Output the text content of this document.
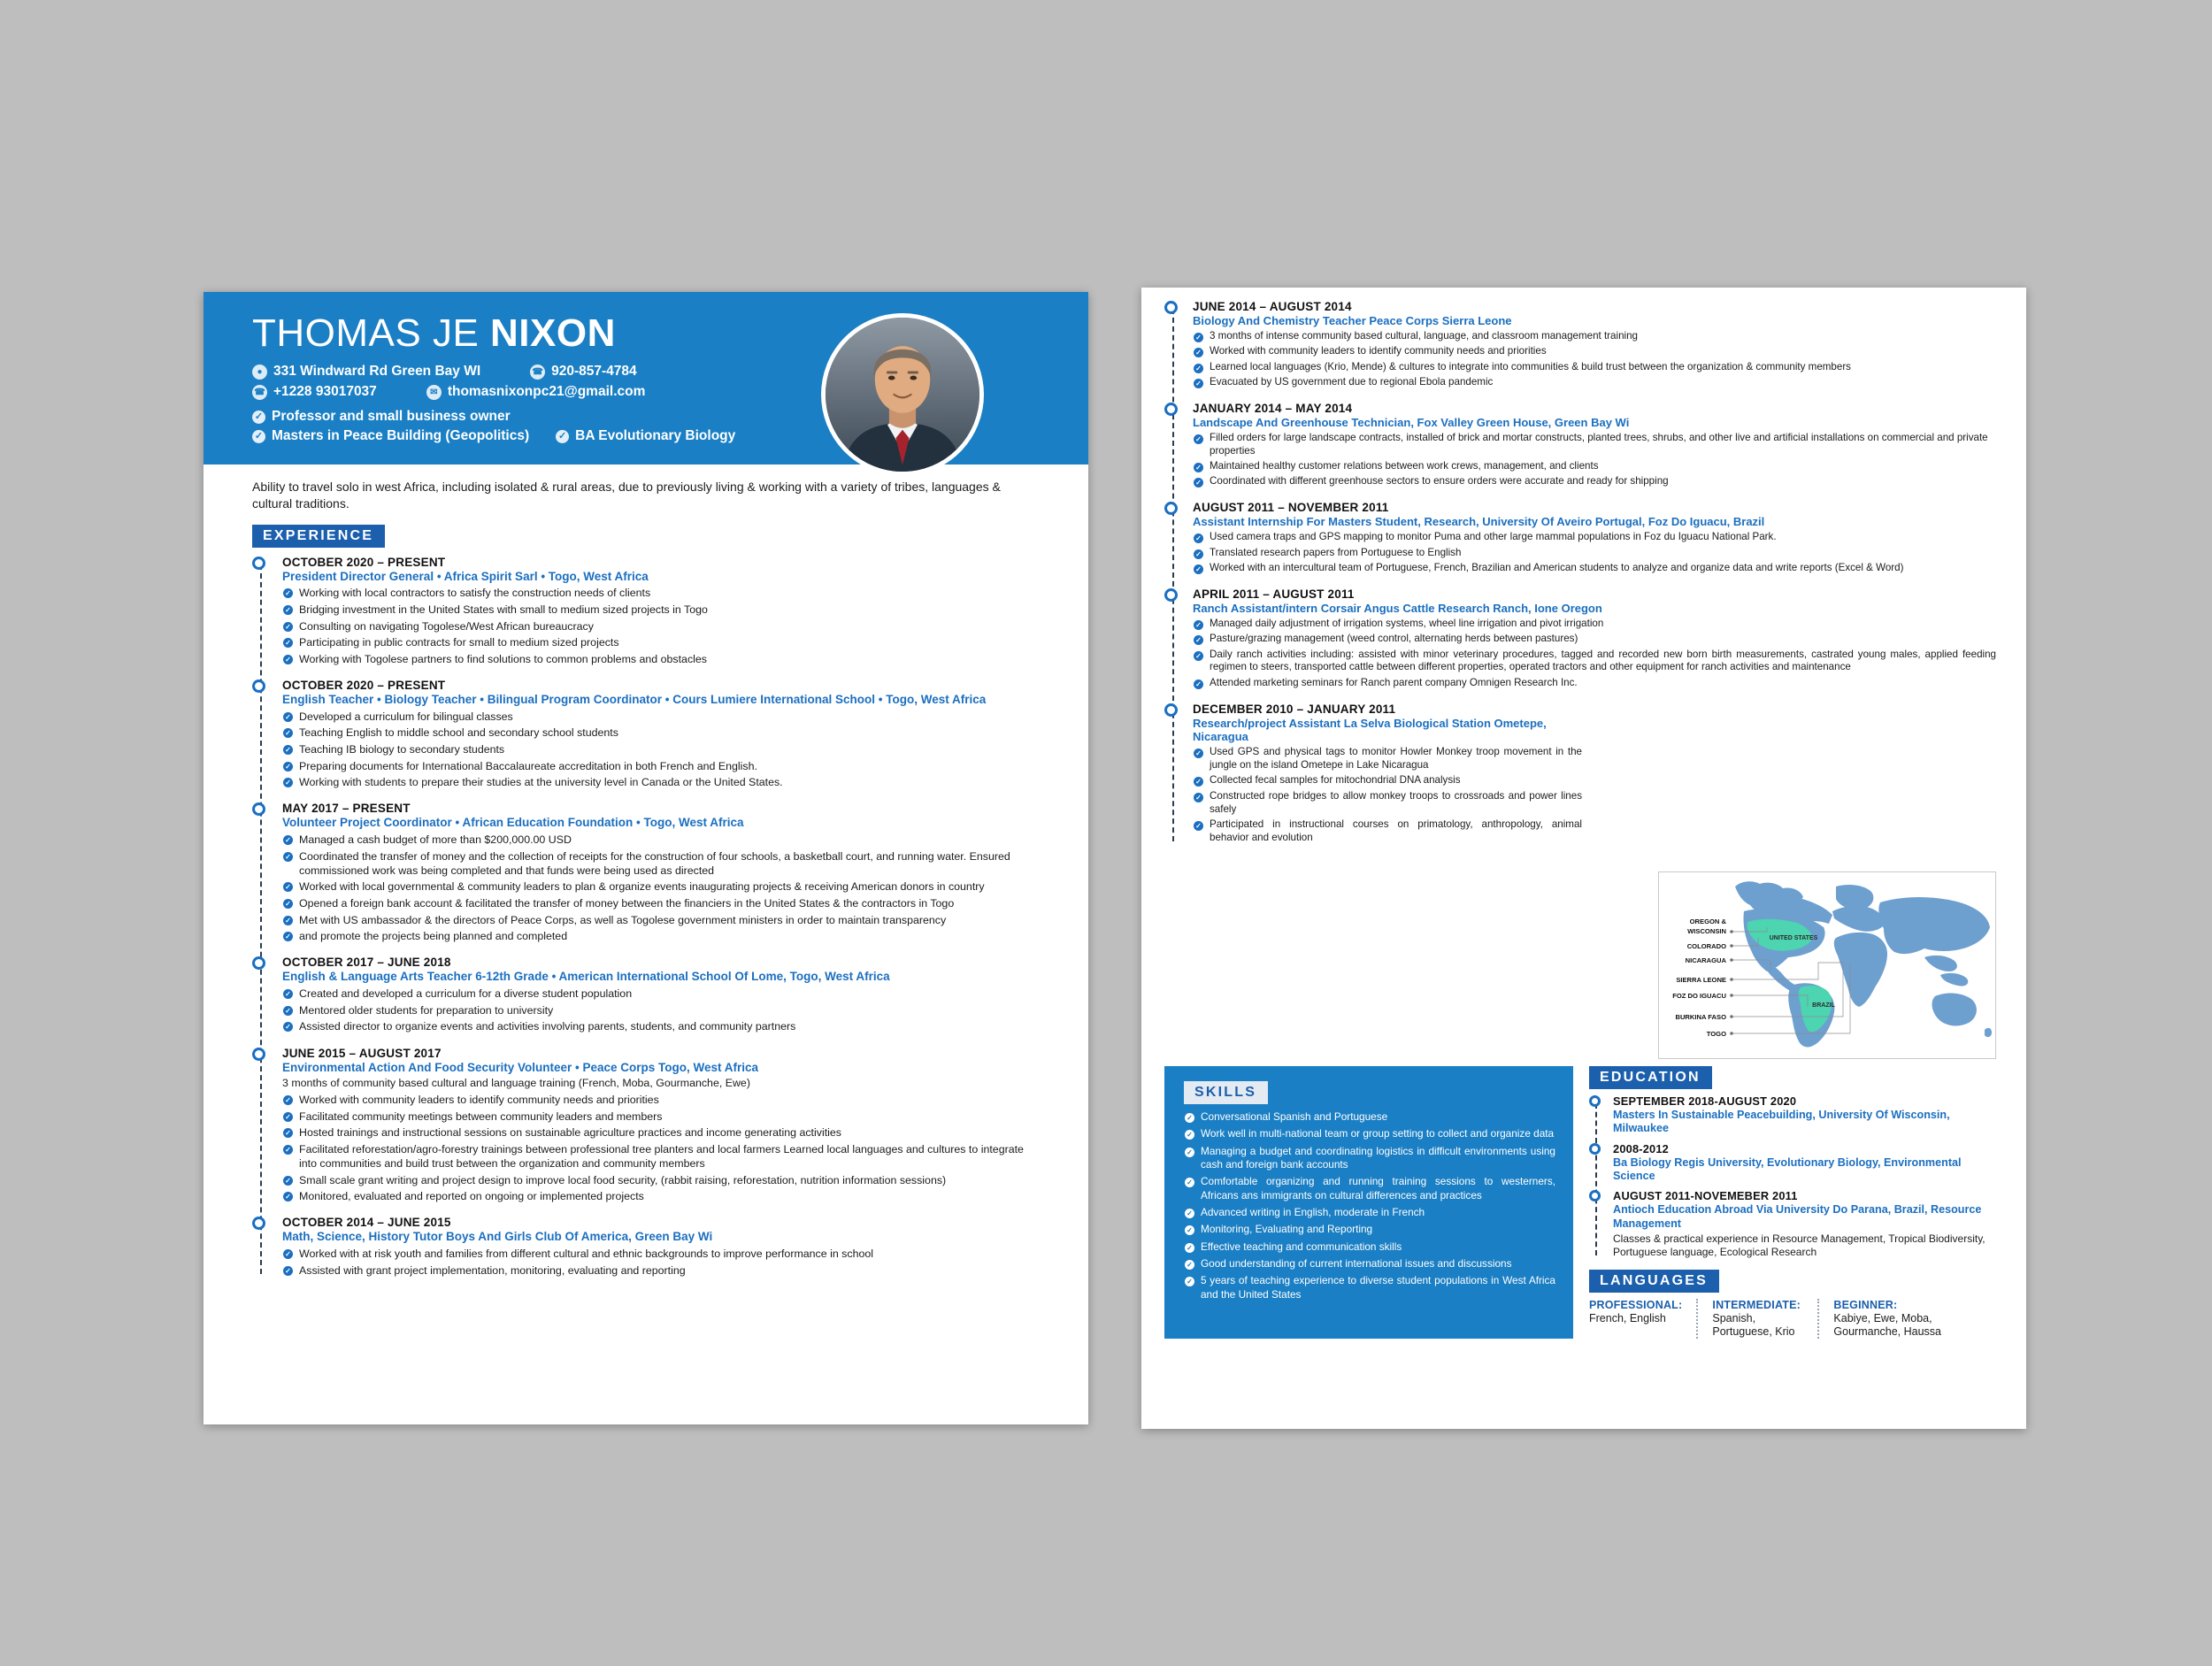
THOMAS JE NIXON
● 331 Windward Rd Green Bay WI	☎ 920-857-4784
☎ +1228 93017037	✉ thomasnixonpc21@gmail.com
✓ Professor and small business owner
✓ Masters in Peace Building (Geopolitics)	✓ BA Evolutionary Biology
Ability to travel solo in west Africa, including isolated & rural areas, due to previously living & working with a variety of tribes, languages & cultural traditions.
EXPERIENCE
OCTOBER 2020 – PRESENT
President Director General • Africa Spirit Sarl • Togo, West Africa
✓ Working with local contractors to satisfy the construction needs of clients
✓ Bridging investment in the United States with small to medium sized projects in Togo
✓ Consulting on navigating Togolese/West African bureaucracy
✓ Participating in public contracts for small to medium sized projects
✓ Working with Togolese partners to find solutions to common problems and obstacles
OCTOBER 2020 – PRESENT
English Teacher • Biology Teacher • Bilingual Program Coordinator • Cours Lumiere International School • Togo, West Africa
✓ Developed a curriculum for bilingual classes
✓ Teaching English to middle school and secondary school students
✓ Teaching IB biology to secondary students
✓ Preparing documents for International Baccalaureate accreditation in both French and English.
✓ Working with students to prepare their studies at the university level in Canada or the United States.
MAY 2017 – PRESENT
Volunteer Project Coordinator • African Education Foundation • Togo, West Africa
✓ Managed a cash budget of more than $200,000.00 USD
✓ Coordinated the transfer of money and the collection of receipts for the construction of four schools, a basketball court, and running water. Ensured commissioned work was being completed and that funds were being used as directed
✓ Worked with local governmental & community leaders to plan & organize events inaugurating projects & receiving American donors in country
✓ Opened a foreign bank account & facilitated the transfer of money between the financiers in the United States & the contractors in Togo
✓ Met with US ambassador & the directors of Peace Corps, as well as Togolese government ministers in order to maintain transparency
✓ and promote the projects being planned and completed
OCTOBER 2017 – JUNE 2018
English & Language Arts Teacher 6-12th Grade • American International School Of Lome, Togo, West Africa
✓ Created and developed a curriculum for a diverse student population
✓ Mentored older students for preparation to university
✓ Assisted director to organize events and activities involving parents, students, and community partners
JUNE 2015 – AUGUST 2017
Environmental Action And Food Security Volunteer • Peace Corps Togo, West Africa
3 months of community based cultural and language training (French, Moba, Gourmanche, Ewe)
✓ Worked with community leaders to identify community needs and priorities
✓ Facilitated community meetings between community leaders and members
✓ Hosted trainings and instructional sessions on sustainable agriculture practices and income generating activities
✓ Facilitated reforestation/agro-forestry trainings between professional tree planters and local farmers Learned local languages and cultures to integrate into communities and build trust between the organization and community members
✓ Small scale grant writing and project design to improve local food security, (rabbit raising, reforestation, nutrition information sessions)
✓ Monitored, evaluated and reported on ongoing or implemented projects
OCTOBER 2014 – JUNE 2015
Math, Science, History Tutor Boys And Girls Club Of America, Green Bay Wi
✓ Worked with at risk youth and families from different cultural and ethnic backgrounds to improve performance in school
✓ Assisted with grant project implementation, monitoring, evaluating and reporting
JUNE 2014 – AUGUST 2014
Biology And Chemistry Teacher Peace Corps Sierra Leone
✓ 3 months of intense community based cultural, language, and classroom management training
✓ Worked with community leaders to identify community needs and priorities
✓ Learned local languages (Krio, Mende) & cultures to integrate into communities & build trust between the organization & community members
✓ Evacuated by US government due to regional Ebola pandemic
JANUARY 2014 – MAY 2014
Landscape And Greenhouse Technician, Fox Valley Green House, Green Bay Wi
✓ Filled orders for large landscape contracts, installed of brick and mortar constructs, planted trees, shrubs, and other live and artificial installations on commercial and private properties
✓ Maintained healthy customer relations between work crews, management, and clients
✓ Coordinated with different greenhouse sectors to ensure orders were accurate and ready for shipping
AUGUST 2011 – NOVEMBER 2011
Assistant Internship For Masters Student, Research, University Of Aveiro Portugal, Foz Do Iguacu, Brazil
✓ Used camera traps and GPS mapping to monitor Puma and other large mammal populations in Foz du Iguacu National Park.
✓ Translated research papers from Portuguese to English
✓ Worked with an intercultural team of Portuguese, French, Brazilian and American students to analyze and organize data and write reports (Excel & Word)
APRIL 2011 – AUGUST 2011
Ranch Assistant/intern Corsair Angus Cattle Research Ranch, Ione Oregon
✓ Managed daily adjustment of irrigation systems, wheel line irrigation and pivot irrigation
✓ Pasture/grazing management (weed control, alternating herds between pastures)
✓ Daily ranch activities including: assisted with minor veterinary procedures, tagged and recorded new born birth measurements, castrated young males, applied feeding regimen to steers, transported cattle between different properties, operated tractors and other equipment for ranch activities and maintenance
✓ Attended marketing seminars for Ranch parent company Omnigen Research Inc.
DECEMBER 2010 – JANUARY 2011
Research/project Assistant La Selva Biological Station Ometepe, Nicaragua
✓ Used GPS and physical tags to monitor Howler Monkey troop movement in the jungle on the island Ometepe in Lake Nicaragua
✓ Collected fecal samples for mitochondrial DNA analysis
✓ Constructed rope bridges to allow monkey troops to crossroads and power lines safely
✓ Participated in instructional courses on primatology, anthropology, animal behavior and evolution
OREGON &
WISCONSIN
COLORADO
NICARAGUA
SIERRA LEONE
FOZ DO IGUACU
BURKINA FASO
TOGO
UNITED STATES
BRAZIL
SKILLS
✓ Conversational Spanish and Portuguese
✓ Work well in multi-national team or group setting to collect and organize data
✓ Managing a budget and coordinating logistics in difficult environments using cash and foreign bank accounts
✓ Comfortable organizing and running training sessions to westerners, Africans ans immigrants on cultural differences and practices
✓ Advanced writing in English, moderate in French
✓ Monitoring, Evaluating and Reporting
✓ Effective teaching and communication skills
✓ Good understanding of current international issues and discussions
✓ 5 years of teaching experience to diverse student populations in West Africa and the United States
EDUCATION
SEPTEMBER 2018-AUGUST 2020
Masters In Sustainable Peacebuilding, University Of Wisconsin, Milwaukee
2008-2012
Ba Biology Regis University, Evolutionary Biology, Environmental Science
AUGUST 2011-NOVEMEBER 2011
Antioch Education Abroad Via University Do Parana, Brazil, Resource Management
Classes & practical experience in Resource Management, Tropical Biodiversity, Portuguese language, Ecological Research
LANGUAGES
PROFESSIONAL:
French, English
INTERMEDIATE:
Spanish, Portuguese, Krio
BEGINNER:
Kabiye, Ewe, Moba, Gourmanche, Haussa
